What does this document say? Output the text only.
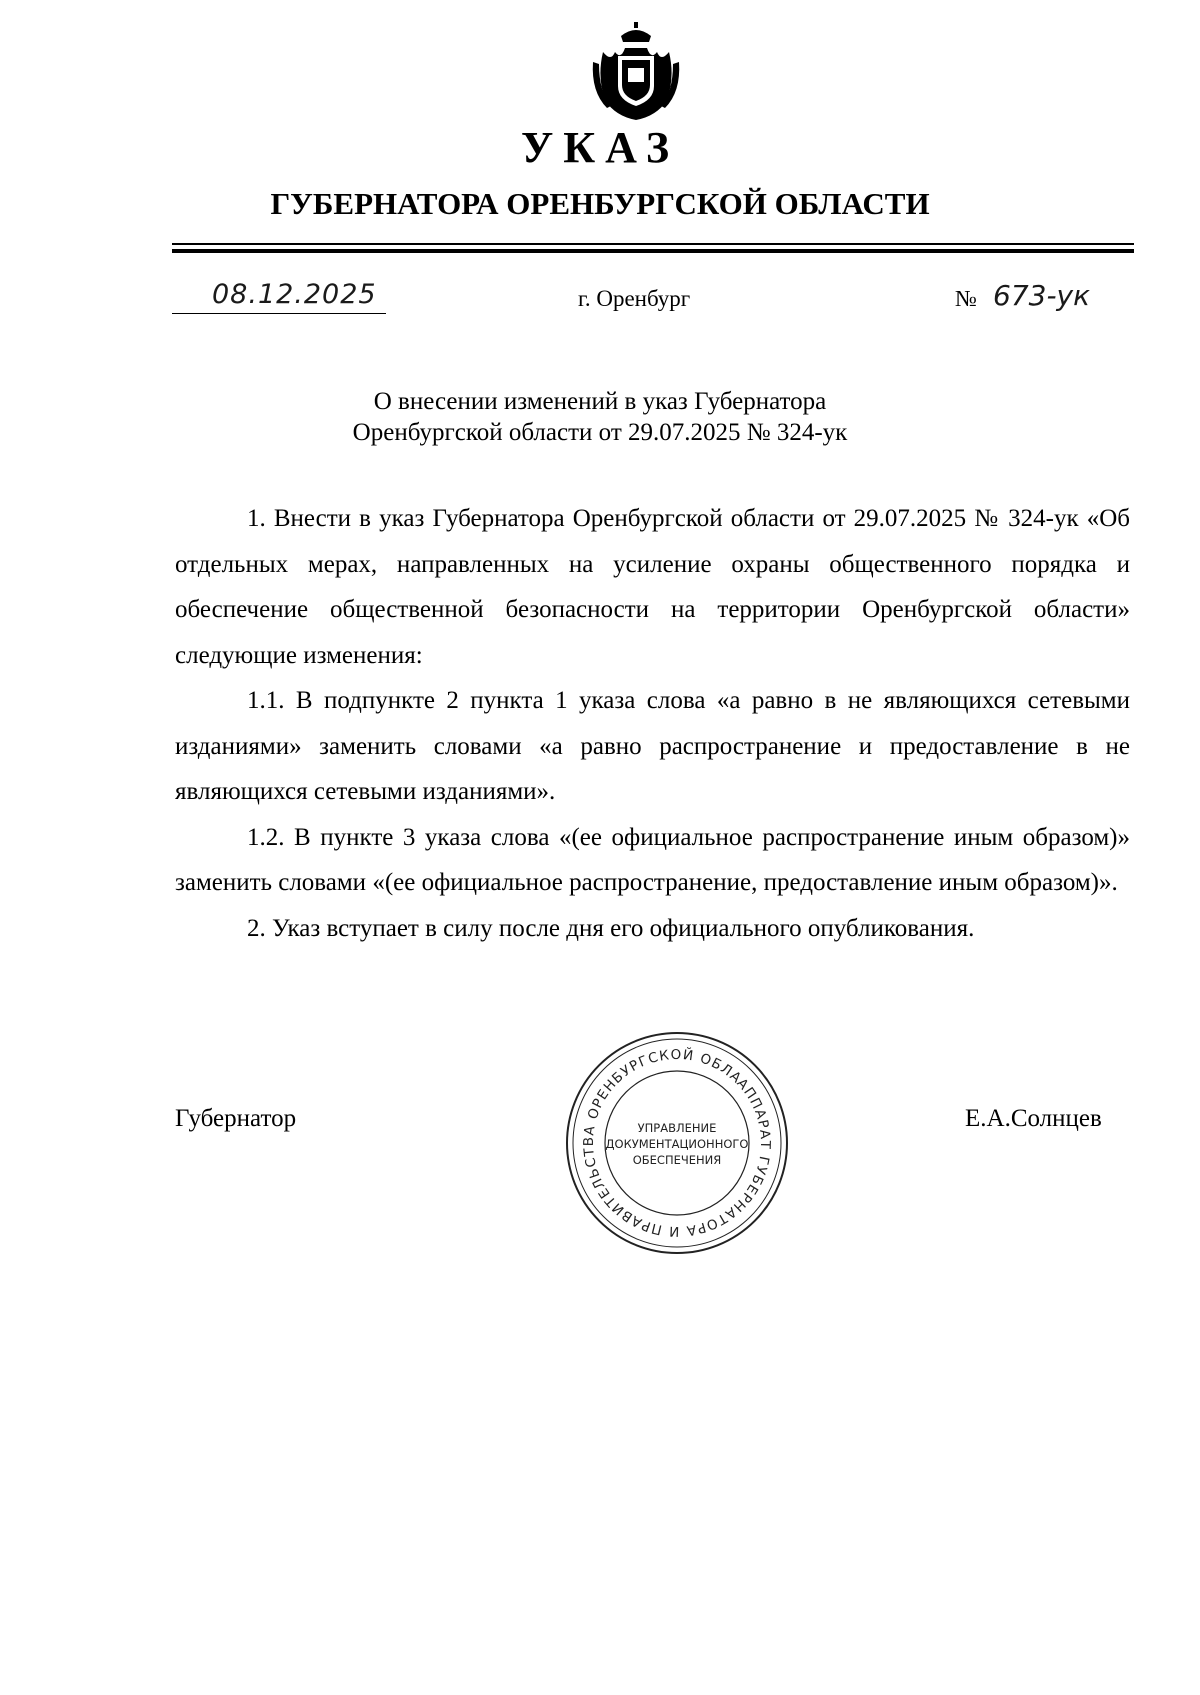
УКАЗ
ГУБЕРНАТОРА ОРЕНБУРГСКОЙ ОБЛАСТИ
08.12.2025	г. Оренбург	№ 673-ук
О внесении изменений в указ Губернатора
Оренбургской области от 29.07.2025 № 324-ук

1. Внести в указ Губернатора Оренбургской области от 29.07.2025 № 324-ук «Об отдельных мерах, направленных на усиление охраны общественного порядка и обеспечение общественной безопасности на территории Оренбургской области» следующие изменения:

1.1. В подпункте 2 пункта 1 указа слова «а равно в не являющихся сетевыми изданиями» заменить словами «а равно распространение и предоставление в не являющихся сетевыми изданиями».

1.2. В пункте 3 указа слова «(ее официальное распространение иным образом)» заменить словами «(ее официальное распространение, предоставление иным образом)».

2. Указ вступает в силу после дня его официального опубликования.

Губернатор	Е.А.Солнцев
АППАРАТ ГУБЕРНАТОРА И ПРАВИТЕЛЬСТВА ОРЕНБУРГСКОЙ ОБЛАСТИ
УПРАВЛЕНИЕ
ДОКУМЕНТАЦИОННОГО
ОБЕСПЕЧЕНИЯ
